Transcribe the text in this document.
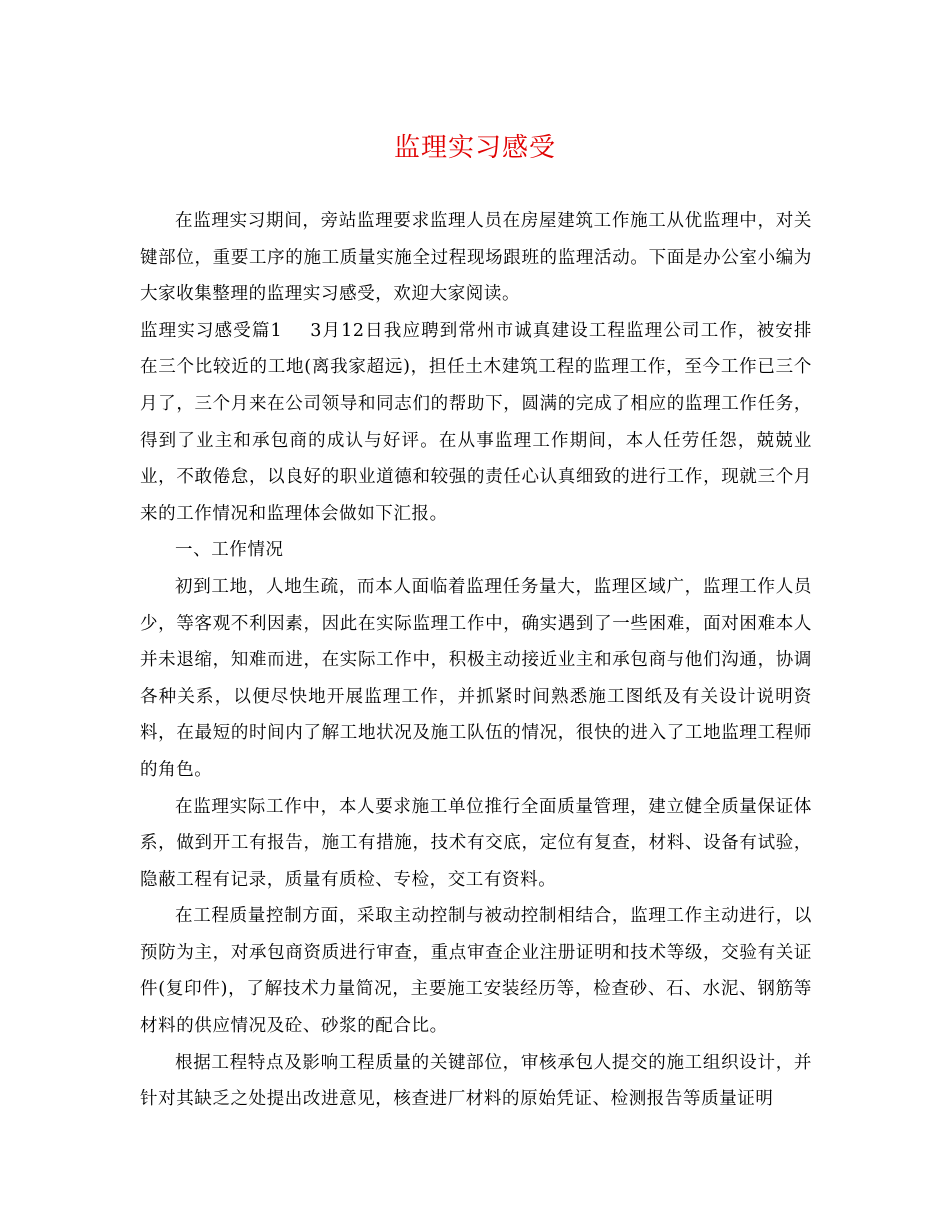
监理实习感受

在监理实习期间，旁站监理要求监理人员在房屋建筑工作施工从优监理中，对关键部位，重要工序的施工质量实施全过程现场跟班的监理活动。下面是办公室小编为大家收集整理的监理实习感受，欢迎大家阅读。

监理实习感受篇1 3月12日我应聘到常州市诚真建设工程监理公司工作，被安排在三个比较近的工地(离我家超远)，担任土木建筑工程的监理工作，至今工作已三个月了，三个月来在公司领导和同志们的帮助下，圆满的完成了相应的监理工作任务，得到了业主和承包商的成认与好评。在从事监理工作期间，本人任劳任怨，兢兢业业，不敢倦怠，以良好的职业道德和较强的责任心认真细致的进行工作，现就三个月来的工作情况和监理体会做如下汇报。

一、工作情况

初到工地，人地生疏，而本人面临着监理任务量大，监理区域广，监理工作人员少，等客观不利因素，因此在实际监理工作中，确实遇到了一些困难，面对困难本人并未退缩，知难而进，在实际工作中，积极主动接近业主和承包商与他们沟通，协调各种关系，以便尽快地开展监理工作，并抓紧时间熟悉施工图纸及有关设计说明资料，在最短的时间内了解工地状况及施工队伍的情况，很快的进入了工地监理工程师的角色。

在监理实际工作中，本人要求施工单位推行全面质量管理，建立健全质量保证体系，做到开工有报告，施工有措施，技术有交底，定位有复查，材料、设备有试验，隐蔽工程有记录，质量有质检、专检，交工有资料。

在工程质量控制方面，采取主动控制与被动控制相结合，监理工作主动进行，以预防为主，对承包商资质进行审查，重点审查企业注册证明和技术等级，交验有关证件(复印件)，了解技术力量简况，主要施工安装经历等，检查砂、石、水泥、钢筋等材料的供应情况及砼、砂浆的配合比。

根据工程特点及影响工程质量的关键部位，审核承包人提交的施工组织设计，并针对其缺乏之处提出改进意见，核查进厂材料的原始凭证、检测报告等质量证明
